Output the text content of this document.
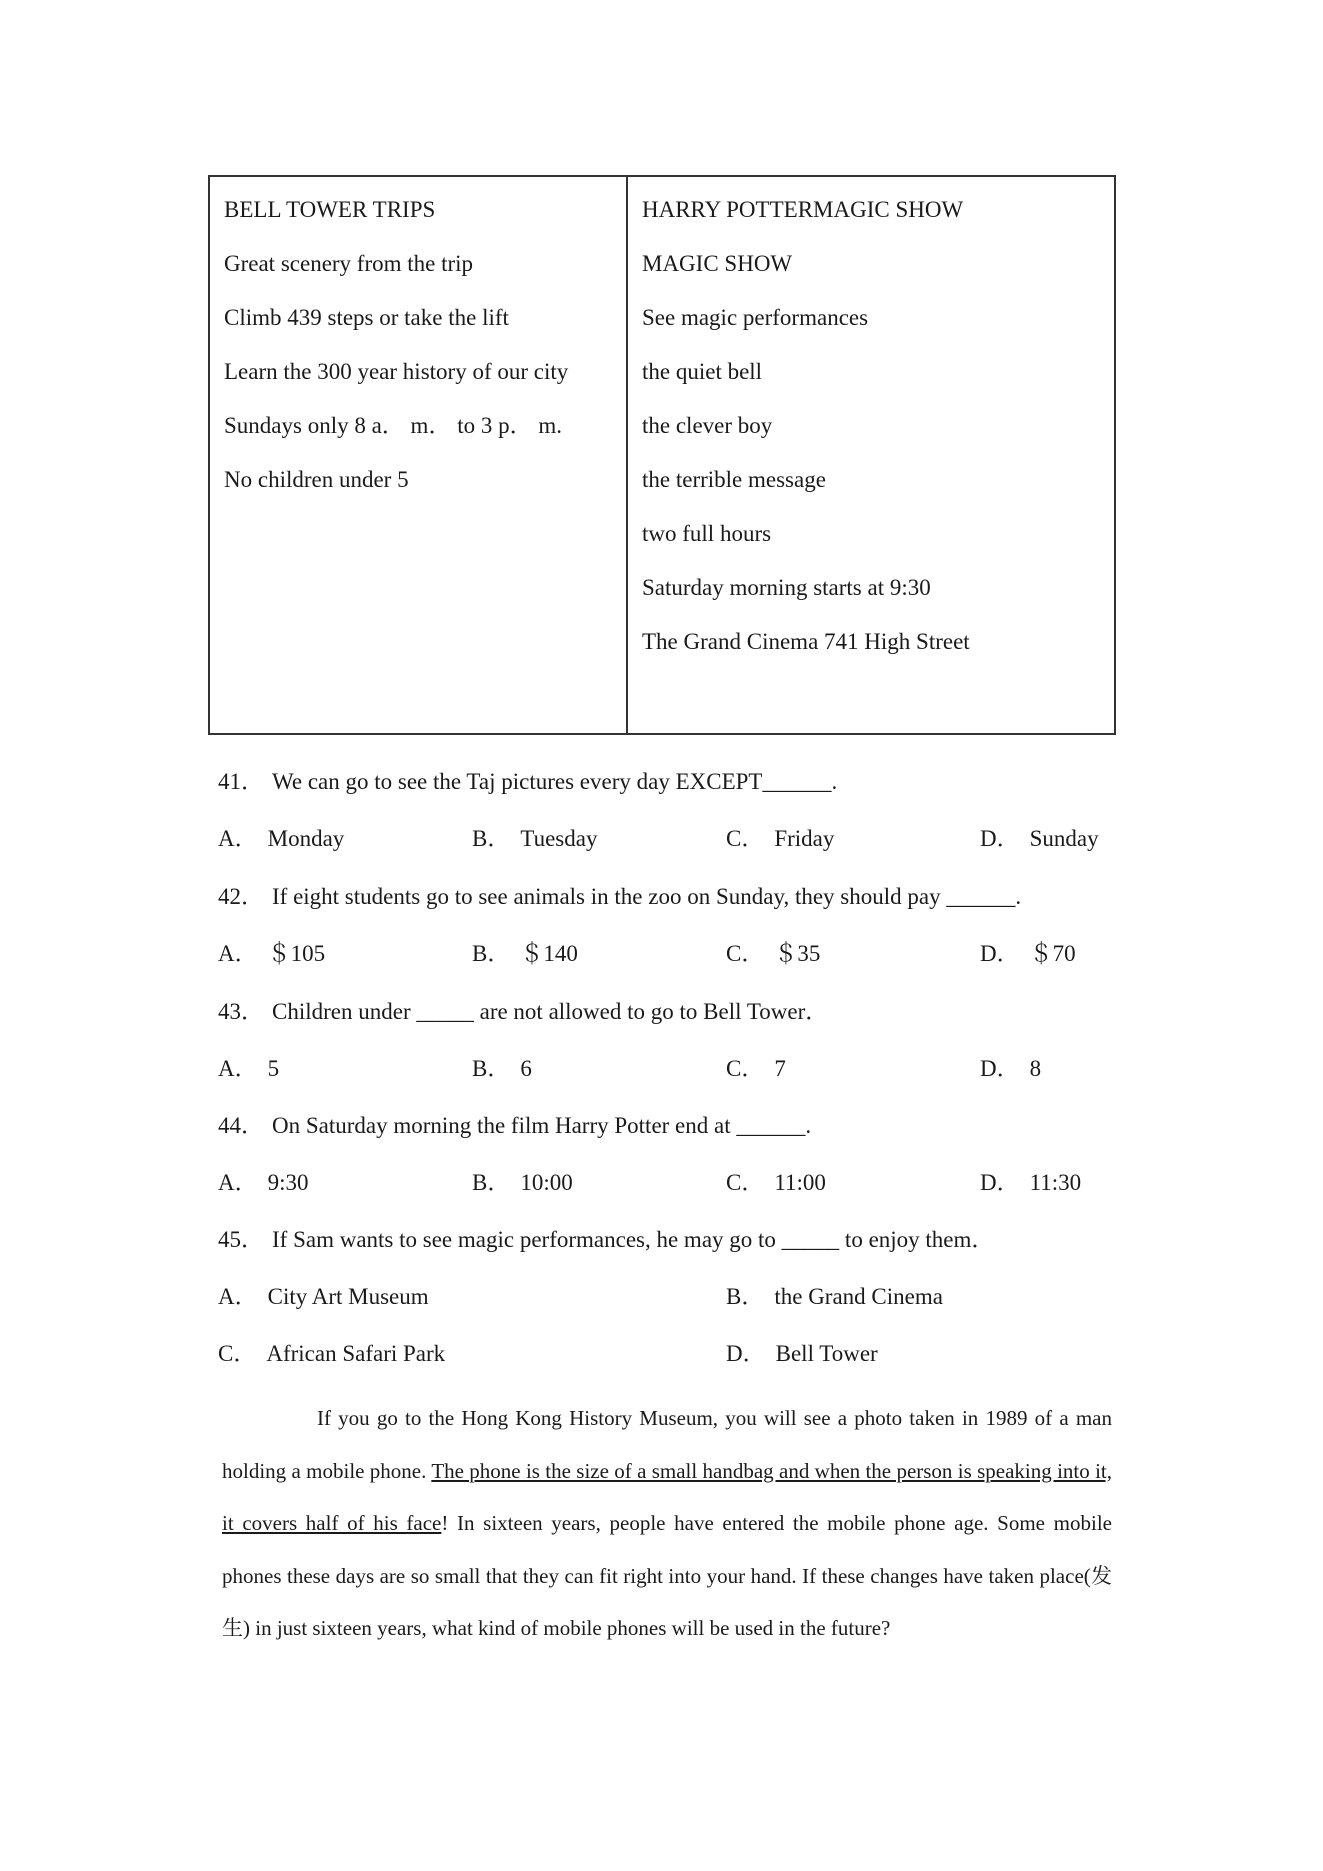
BELL TOWER TRIPS
Great scenery from the trip
Climb 439 steps or take the lift
Learn the 300 year history of our city
Sundays only 8 a． m． to 3 p． m.
No children under 5
HARRY POTTERMAGIC SHOW
MAGIC SHOW
See magic performances
the quiet bell
the clever boy
the terrible message
two full hours
Saturday morning starts at 9:30
The Grand Cinema 741 High Street
41． We can go to see the Taj pictures every day EXCEPT______.
A． Monday	B． Tuesday	C． Friday	D． Sunday
42． If eight students go to see animals in the zoo on Sunday, they should pay ______.
A． ＄105	B． ＄140	C． ＄35	D． ＄70
43． Children under _____ are not allowed to go to Bell Tower．
A． 5	B． 6	C． 7	D． 8
44． On Saturday morning the film Harry Potter end at ______.
A． 9:30	B． 10:00	C． 11:00	D． 11:30
45． If Sam wants to see magic performances, he may go to _____ to enjoy them．
A． City Art Museum	B． the Grand Cinema
C． African Safari Park	D． Bell Tower

If you go to the Hong Kong History Museum, you will see a photo taken in 1989 of a man holding a mobile phone. The phone is the size of a small handbag and when the person is speaking into it, it covers half of his face! In sixteen years, people have entered the mobile phone age. Some mobile phones these days are so small that they can fit right into your hand. If these changes have taken place(发生) in just sixteen years, what kind of mobile phones will be used in the future?
